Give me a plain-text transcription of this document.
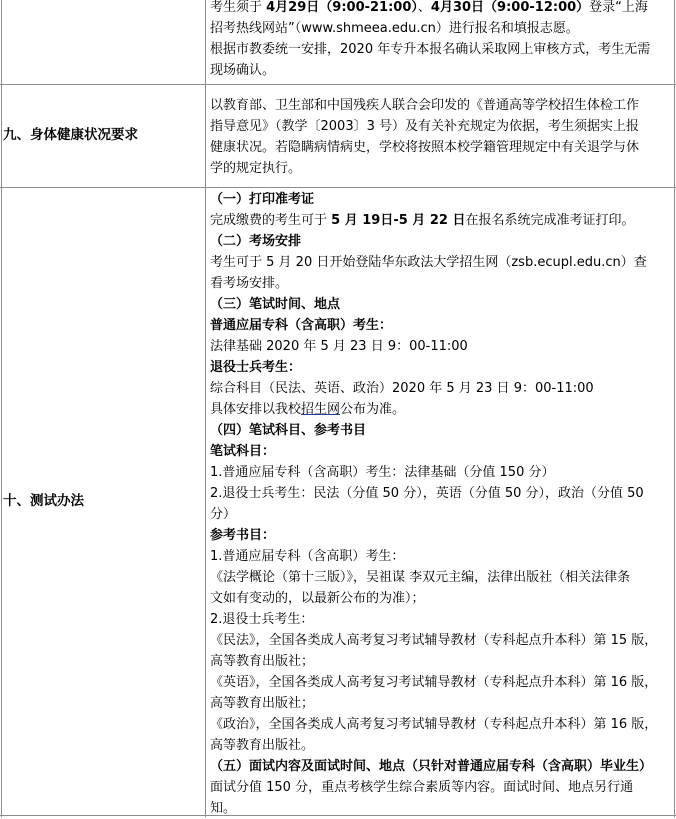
考生须于 4月29日（9:00-21:00）、4月30日（9:00-12:00）登录“上海

招考热线网站”（www.shmeea.edu.cn）进行报名和填报志愿。

根据市教委统一安排，2020 年专升本报名确认采取网上审核方式，考生无需

现场确认。

九、身体健康状况要求

以教育部、卫生部和中国残疾人联合会印发的《普通高等学校招生体检工作

指导意见》（教学〔2003〕3 号）及有关补充规定为依据，考生须据实上报

健康状况。若隐瞒病情病史，学校将按照本校学籍管理规定中有关退学与休

学的规定执行。

十、测试办法

（一）打印准考证

完成缴费的考生可于 5 月 19日-5 月 22 日在报名系统完成准考证打印。

（二）考场安排

考生可于 5 月 20 日开始登陆华东政法大学招生网（zsb.ecupl.edu.cn）查

看考场安排。

（三）笔试时间、地点

普通应届专科（含高职）考生：

法律基础 2020 年 5 月 23 日 9：00-11:00

退役士兵考生：

综合科目（民法、英语、政治）2020 年 5 月 23 日 9：00-11:00

具体安排以我校招生网公布为准。

（四）笔试科目、参考书目

笔试科目：

1.普通应届专科（含高职）考生：法律基础（分值 150 分）

2.退役士兵考生：民法（分值 50 分），英语（分值 50 分），政治（分值 50

分）

参考书目：

1.普通应届专科（含高职）考生：

《法学概论（第十三版）》，吴祖谋 李双元主编，法律出版社（相关法律条

文如有变动的，以最新公布的为准）；

2.退役士兵考生：

《民法》，全国各类成人高考复习考试辅导教材（专科起点升本科）第 15 版，

高等教育出版社；

《英语》，全国各类成人高考复习考试辅导教材（专科起点升本科）第 16 版，

高等教育出版社；

《政治》，全国各类成人高考复习考试辅导教材（专科起点升本科）第 16 版，

高等教育出版社。

（五）面试内容及面试时间、地点（只针对普通应届专科（含高职）毕业生）

面试分值 150 分，重点考核学生综合素质等内容。面试时间、地点另行通

知。
